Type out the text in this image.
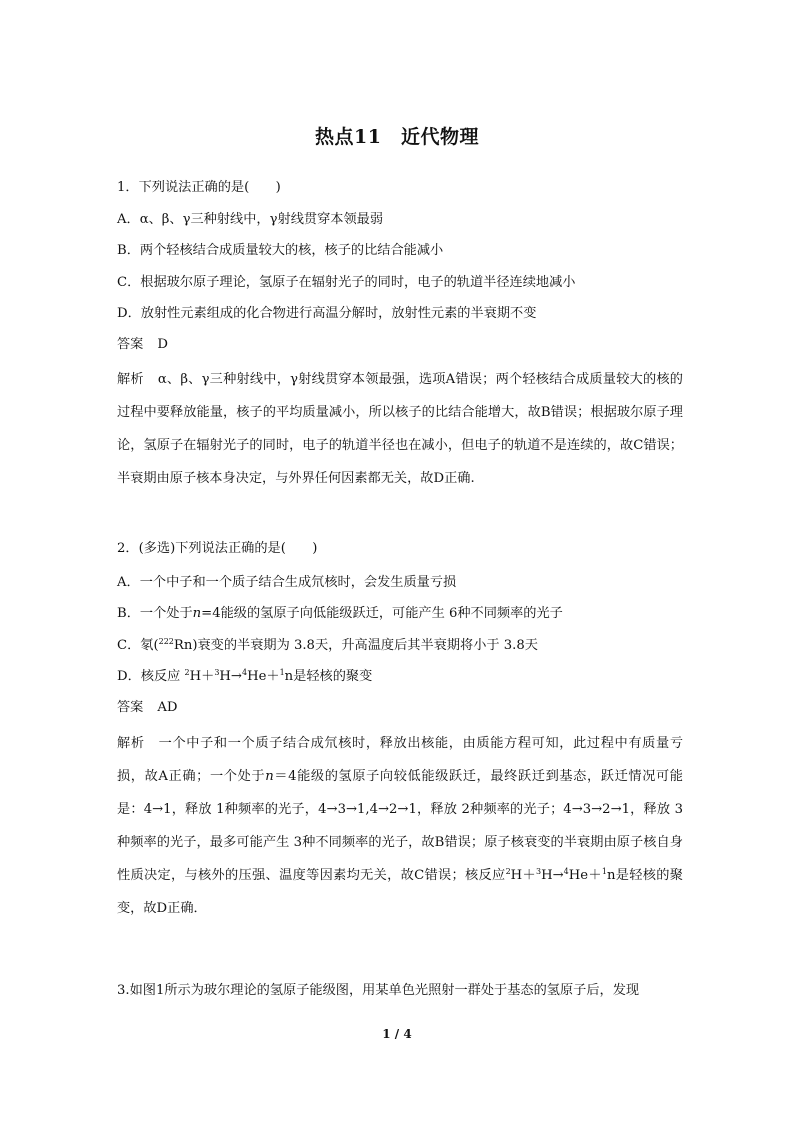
热点11　近代物理
1．下列说法正确的是(　　)
A．α、β、γ三种射线中，γ射线贯穿本领最弱
B．两个轻核结合成质量较大的核，核子的比结合能减小
C．根据玻尔原子理论，氢原子在辐射光子的同时，电子的轨道半径连续地减小
D．放射性元素组成的化合物进行高温分解时，放射性元素的半衰期不变
答案 D
解析 α、β、γ三种射线中，γ射线贯穿本领最强，选项A错误；两个轻核结合成质量较大的核的过程中要释放能量，核子的平均质量减小，所以核子的比结合能增大，故B错误；根据玻尔原子理论，氢原子在辐射光子的同时，电子的轨道半径也在减小，但电子的轨道不是连续的，故C错误；半衰期由原子核本身决定，与外界任何因素都无关，故D正确.
2．(多选)下列说法正确的是(　　)
A．一个中子和一个质子结合生成氘核时，会发生质量亏损
B．一个处于n=4能级的氢原子向低能级跃迁，可能产生 6种不同频率的光子
C．氡($^{222}$Rn)衰变的半衰期为 3.8天，升高温度后其半衰期将小于 3.8天
D．核反应 $^2$H＋$^3$H→$^4$He＋$^1$n是轻核的聚变
答案 AD
解析 一个中子和一个质子结合成氘核时，释放出核能，由质能方程可知，此过程中有质量亏损，故A正确；一个处于n＝4能级的氢原子向较低能级跃迁，最终跃迁到基态，跃迁情况可能是：4→1，释放 1种频率的光子，4→3→1,4→2→1，释放 2种频率的光子；4→3→2→1，释放 3种频率的光子，最多可能产生 3种不同频率的光子，故B错误；原子核衰变的半衰期由原子核自身性质决定，与核外的压强、温度等因素均无关，故C错误；核反应$^2$H＋$^3$H→$^4$He＋$^1$n是轻核的聚变，故D正确．
3.如图1所示为玻尔理论的氢原子能级图，用某单色光照射一群处于基态的氢原子后，发现
1 / 4
